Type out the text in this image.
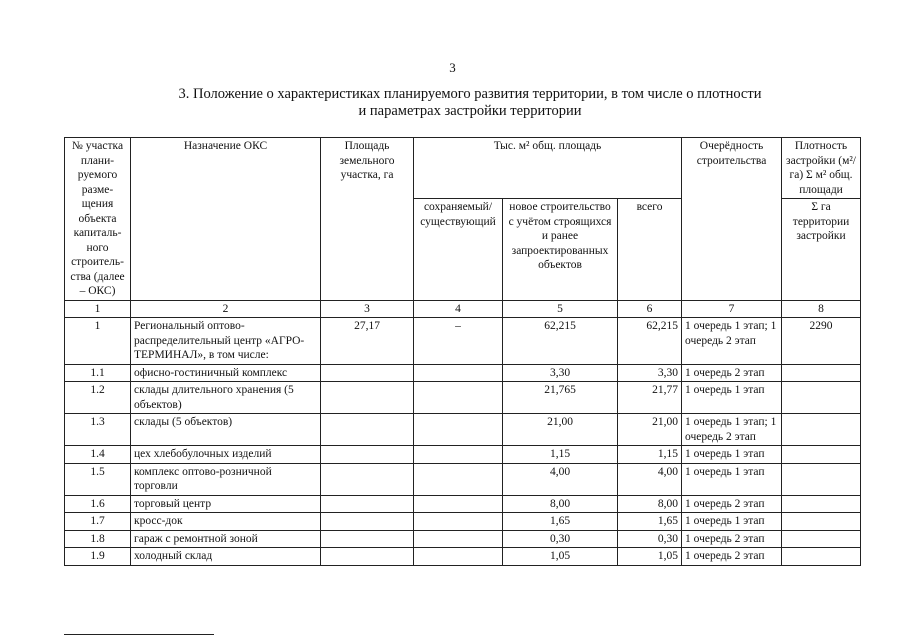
3
3. Положение о характеристиках планируемого развития территории, в том числе о плотности
и параметрах застройки территории
№ участка плани-руемого разме-щения объекта капиталь-ного строитель-ства (далее – ОКС)	Назначение ОКС	Площадь земельного участка, га	Тыс. м² общ. площадь			Очерёдность строительства	Плотность застройки (м²/га) Σ м² общ. площади
			сохраняемый/ существующий	новое строительство с учётом строящихся и ранее запроектированных объектов	всего		Σ га территории застройки

1	2	3	4	5	6	7	8
1	Региональный оптово-распределительный центр «АГРО-ТЕРМИНАЛ», в том числе:	27,17	–	62,215	62,215	1 очередь 1 этап; 1 очередь 2 этап	2290
1.1	офисно-гостиничный комплекс			3,30	3,30	1 очередь 2 этап	
1.2	склады длительного хранения (5 объектов)			21,765	21,77	1 очередь 1 этап	
1.3	склады (5 объектов)			21,00	21,00	1 очередь 1 этап; 1 очередь 2 этап	
1.4	цех хлебобулочных изделий			1,15	1,15	1 очередь 1 этап	
1.5	комплекс оптово-розничной торговли			4,00	4,00	1 очередь 1 этап	
1.6	торговый центр			8,00	8,00	1 очередь 2 этап	
1.7	кросс-док			1,65	1,65	1 очередь 1 этап	
1.8	гараж с ремонтной зоной			0,30	0,30	1 очередь 2 этап	
1.9	холодный склад			1,05	1,05	1 очередь 2 этап	
